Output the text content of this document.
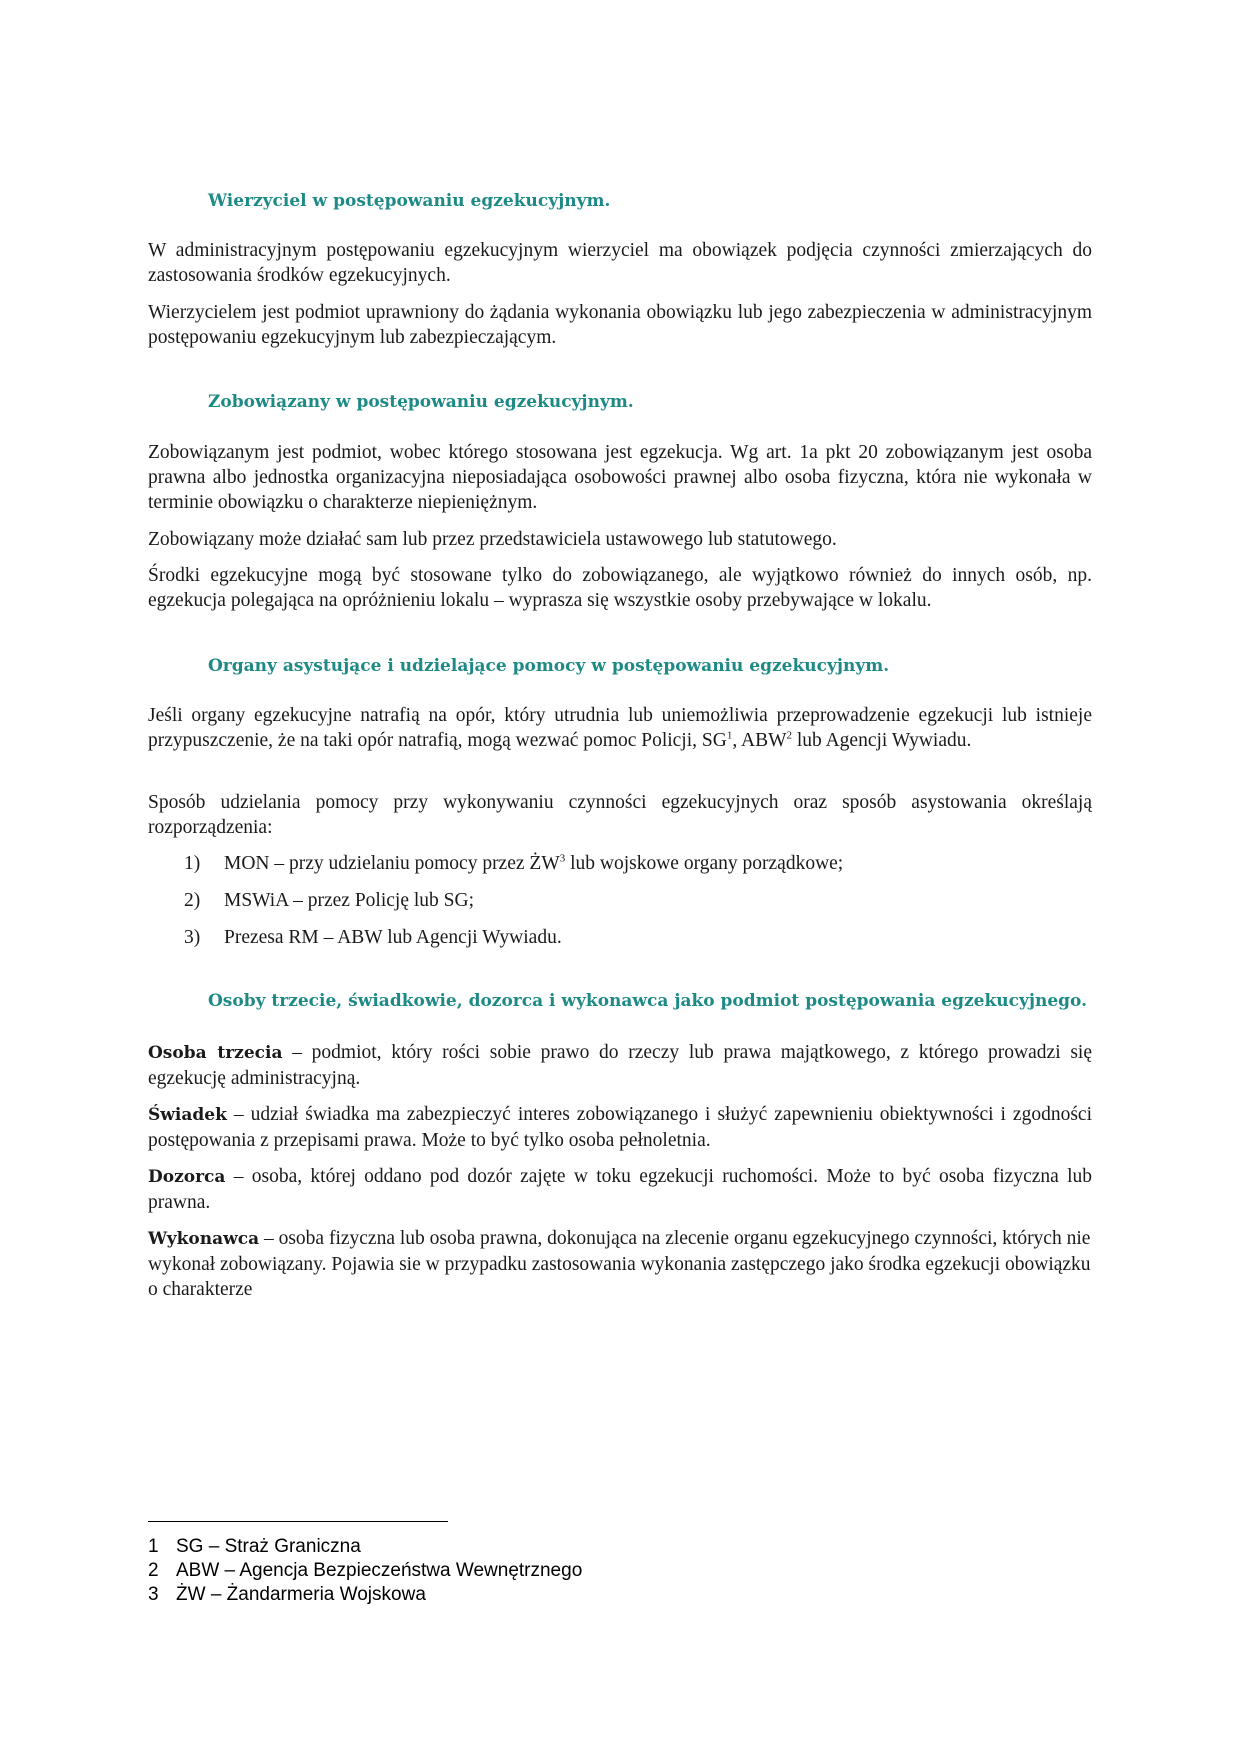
Wierzyciel w postępowaniu egzekucyjnym.

W administracyjnym postępowaniu egzekucyjnym wierzyciel ma obowiązek podjęcia czynności zmierzających do zastosowania środków egzekucyjnych.

Wierzycielem jest podmiot uprawniony do żądania wykonania obowiązku lub jego zabezpieczenia w administracyjnym postępowaniu egzekucyjnym lub zabezpieczającym.

Zobowiązany w postępowaniu egzekucyjnym.

Zobowiązanym jest podmiot, wobec którego stosowana jest egzekucja. Wg art. 1a pkt 20 zobowiązanym jest osoba prawna albo jednostka organizacyjna nieposiadająca osobowości prawnej albo osoba fizyczna, która nie wykonała w terminie obowiązku o charakterze niepieniężnym.

Zobowiązany może działać sam lub przez przedstawiciela ustawowego lub statutowego.

Środki egzekucyjne mogą być stosowane tylko do zobowiązanego, ale wyjątkowo również do innych osób, np. egzekucja polegająca na opróżnieniu lokalu – wyprasza się wszystkie osoby przebywające w lokalu.

Organy asystujące i udzielające pomocy w postępowaniu egzekucyjnym.

Jeśli organy egzekucyjne natrafią na opór, który utrudnia lub uniemożliwia przeprowadzenie egzekucji lub istnieje przypuszczenie, że na taki opór natrafią, mogą wezwać pomoc Policji, $SG^1$, ABW$^2$ lub Agencji Wywiadu.

Sposób udzielania pomocy przy wykonywaniu czynności egzekucyjnych oraz sposób asystowania określają rozporządzenia:

1) MON – przy udzielaniu pomocy przez $ŻW^3$ lub wojskowe organy porządkowe;
2) MSWiA – przez Policję lub SG;
3) Prezesa RM – ABW lub Agencji Wywiadu.
Osoby trzecie, świadkowie, dozorca i wykonawca jako podmiot postępowania egzekucyjnego.

Osoba trzecia – podmiot, który rości sobie prawo do rzeczy lub prawa majątkowego, z którego prowadzi się egzekucję administracyjną.

Świadek – udział świadka ma zabezpieczyć interes zobowiązanego i służyć zapewnieniu obiektywności i zgodności postępowania z przepisami prawa. Może to być tylko osoba pełnoletnia.

Dozorca – osoba, której oddano pod dozór zajęte w toku egzekucji ruchomości. Może to być osoba fizyczna lub prawna.

Wykonawca – osoba fizyczna lub osoba prawna, dokonująca na zlecenie organu egzekucyjnego czynności, których nie wykonał zobowiązany. Pojawia sie w przypadku zastosowania wykonania zastępczego jako środka egzekucji obowiązku o charakterze

1 SG – Straż Graniczna
2 ABW – Agencja Bezpieczeństwa Wewnętrznego
3 ŻW – Żandarmeria Wojskowa
